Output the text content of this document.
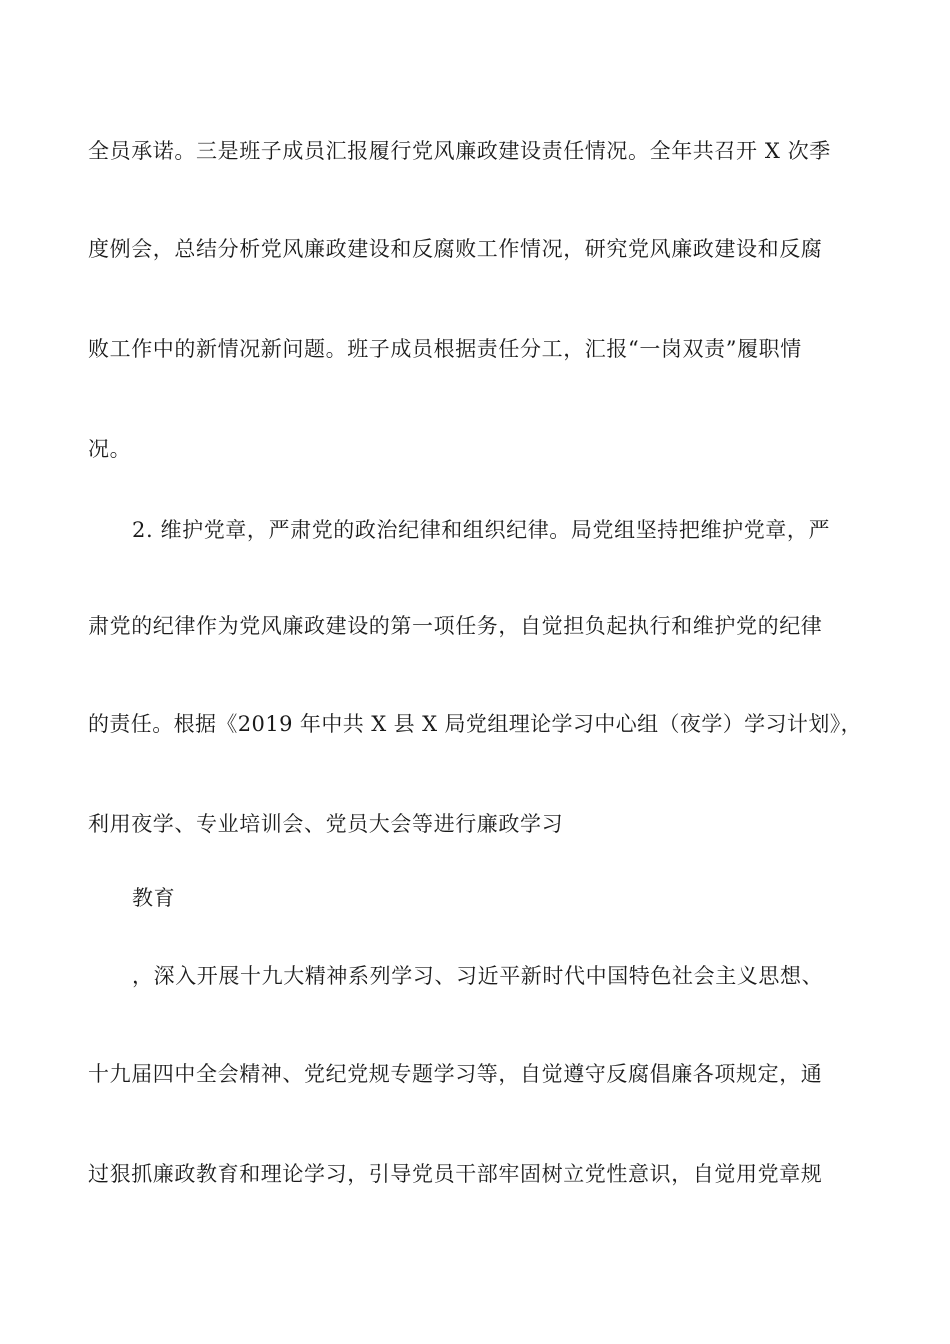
全员承诺。三是班子成员汇报履行党风廉政建设责任情况。全年共召开 X 次季
度例会，总结分析党风廉政建设和反腐败工作情况，研究党风廉政建设和反腐
败工作中的新情况新问题。班子成员根据责任分工，汇报“一岗双责”履职情
况。
2. 维护党章，严肃党的政治纪律和组织纪律。局党组坚持把维护党章，严
肃党的纪律作为党风廉政建设的第一项任务，自觉担负起执行和维护党的纪律
的责任。根据《2019 年中共 X 县 X 局党组理论学习中心组（夜学）学习计划》，
利用夜学、专业培训会、党员大会等进行廉政学习
教育
，深入开展十九大精神系列学习、习近平新时代中国特色社会主义思想、
十九届四中全会精神、党纪党规专题学习等，自觉遵守反腐倡廉各项规定，通
过狠抓廉政教育和理论学习，引导党员干部牢固树立党性意识，自觉用党章规
